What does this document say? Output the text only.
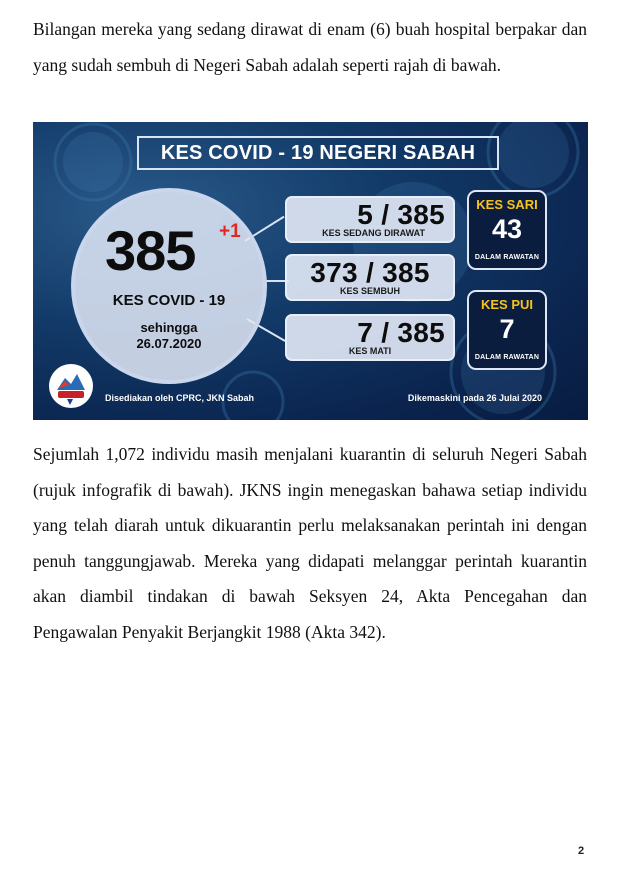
Bilangan mereka yang sedang dirawat di enam (6) buah hospital berpakar dan yang sudah sembuh di Negeri Sabah adalah seperti rajah di bawah.

KES COVID - 19 NEGERI SABAH
385 +1
KES COVID - 19
sehingga
26.07.2020
5 / 385
KES SEDANG DIRAWAT
373 / 385
KES SEMBUH
7 / 385
KES MATI
KES SARI
43
DALAM RAWATAN
KES PUI
7
DALAM RAWATAN
Disediakan oleh CPRC, JKN Sabah	Dikemaskini pada 26 Julai 2020

Sejumlah 1,072 individu masih menjalani kuarantin di seluruh Negeri Sabah (rujuk infografik di bawah). JKNS ingin menegaskan bahawa setiap individu yang telah diarah untuk dikuarantin perlu melaksanakan perintah ini dengan penuh tanggungjawab. Mereka yang didapati melanggar perintah kuarantin akan diambil tindakan di bawah Seksyen 24, Akta Pencegahan dan Pengawalan Penyakit Berjangkit 1988 (Akta 342).

2
